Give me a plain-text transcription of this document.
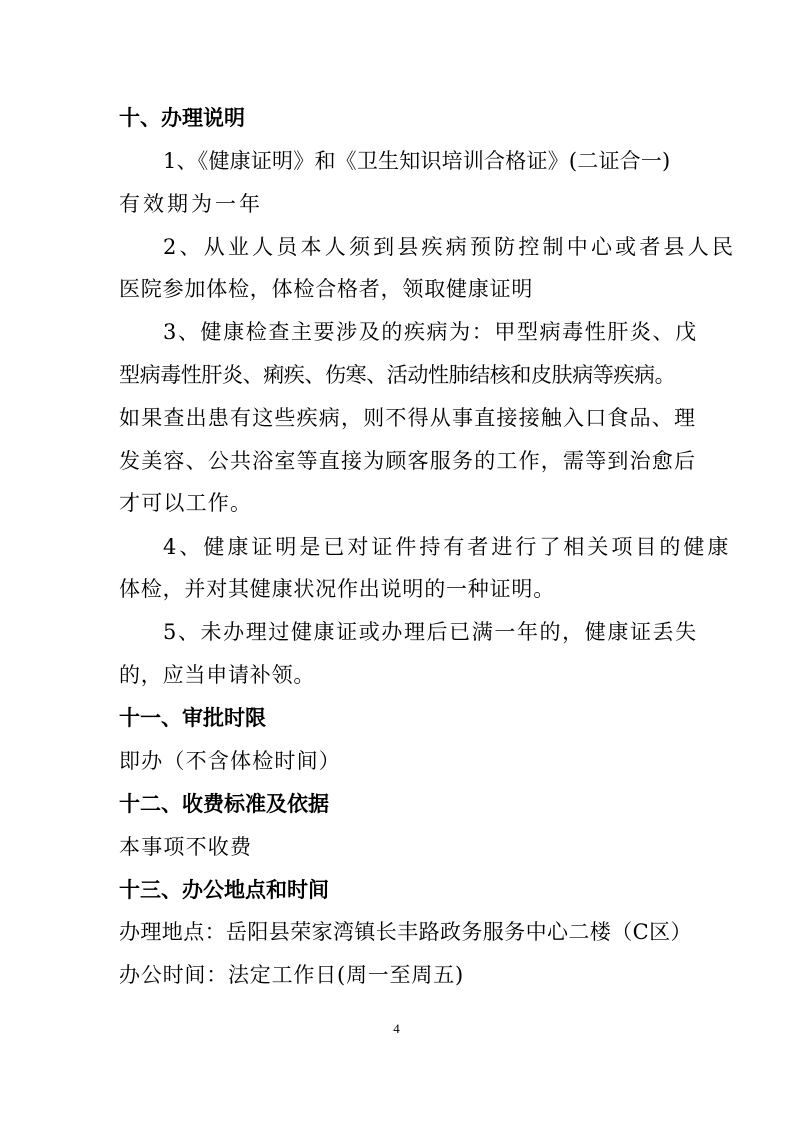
十、办理说明
1、《健康证明》和《卫生知识培训合格证》(二证合一)
有效期为一年
2、从业人员本人须到县疾病预防控制中心或者县人民
医院参加体检，体检合格者，领取健康证明
3、健康检查主要涉及的疾病为：甲型病毒性肝炎、戊
型病毒性肝炎、痢疾、伤寒、活动性肺结核和皮肤病等疾病。
如果查出患有这些疾病，则不得从事直接接触入口食品、理
发美容、公共浴室等直接为顾客服务的工作，需等到治愈后
才可以工作。
4、健康证明是已对证件持有者进行了相关项目的健康
体检，并对其健康状况作出说明的一种证明。
5、未办理过健康证或办理后已满一年的，健康证丢失
的，应当申请补领。
十一、审批时限
即办（不含体检时间）
十二、收费标准及依据
本事项不收费
十三、办公地点和时间
办理地点：岳阳县荣家湾镇长丰路政务服务中心二楼（C区）
办公时间：法定工作日(周一至周五)
4
